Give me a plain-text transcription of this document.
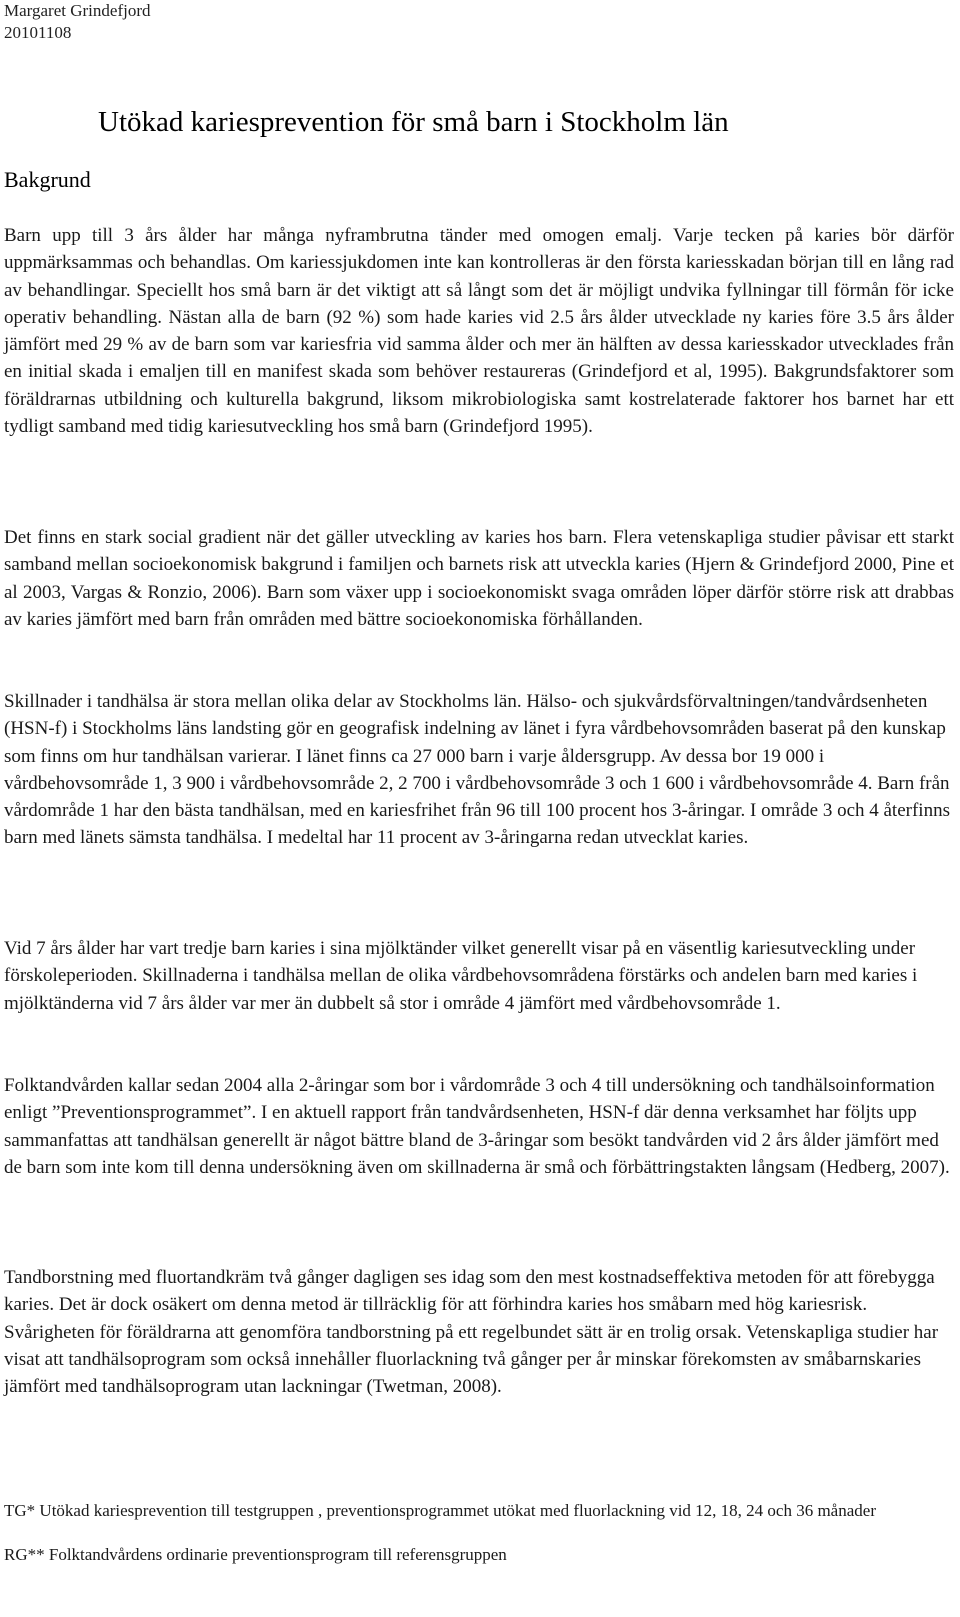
Margaret Grindefjord
20101108
Utökad kariesprevention för små barn i Stockholm län
Bakgrund

Barn upp till 3 års ålder har många nyframbrutna tänder med omogen emalj. Varje tecken på karies bör därför uppmärksammas och behandlas. Om kariessjukdomen inte kan kontrolleras är den första kariesskadan början till en lång rad av behandlingar. Speciellt hos små barn är det viktigt att så långt som det är möjligt undvika fyllningar till förmån för icke operativ behandling. Nästan alla de barn (92 %) som hade karies vid 2.5 års ålder utvecklade ny karies före 3.5 års ålder jämfört med 29 % av de barn som var kariesfria vid samma ålder och mer än hälften av dessa kariesskador utvecklades från en initial skada i emaljen till en manifest skada som behöver restaureras (Grindefjord et al, 1995). Bakgrundsfaktorer som föräldrarnas utbildning och kulturella bakgrund, liksom mikrobiologiska samt kostrelaterade faktorer hos barnet har ett tydligt samband med tidig kariesutveckling hos små barn (Grindefjord 1995).

Det finns en stark social gradient när det gäller utveckling av karies hos barn. Flera vetenskapliga studier påvisar ett starkt samband mellan socioekonomisk bakgrund i familjen och barnets risk att utveckla karies (Hjern & Grindefjord 2000, Pine et al 2003, Vargas & Ronzio, 2006). Barn som växer upp i socioekonomiskt svaga områden löper därför större risk att drabbas av karies jämfört med barn från områden med bättre socioekonomiska förhållanden.

Skillnader i tandhälsa är stora mellan olika delar av Stockholms län. Hälso- och sjukvårdsförvaltningen/tandvårdsenheten (HSN-f) i Stockholms läns landsting gör en geografisk indelning av länet i fyra vårdbehovsområden baserat på den kunskap som finns om hur tandhälsan varierar. I länet finns ca 27 000 barn i varje åldersgrupp. Av dessa bor 19 000 i vårdbehovsområde 1, 3 900 i vårdbehovsområde 2, 2 700 i vårdbehovsområde 3 och 1 600 i vårdbehovsområde 4. Barn från vårdområde 1 har den bästa tandhälsan, med en kariesfrihet från 96 till 100 procent hos 3-åringar. I område 3 och 4 återfinns barn med länets sämsta tandhälsa. I medeltal har 11 procent av 3-åringarna redan utvecklat karies.

Vid 7 års ålder har vart tredje barn karies i sina mjölktänder vilket generellt visar på en väsentlig kariesutveckling under förskoleperioden. Skillnaderna i tandhälsa mellan de olika vårdbehovsområdena förstärks och andelen barn med karies i mjölktänderna vid 7 års ålder var mer än dubbelt så stor i område 4 jämfört med vårdbehovsområde 1.

Folktandvården kallar sedan 2004 alla 2-åringar som bor i vårdområde 3 och 4 till undersökning och tandhälsoinformation enligt ”Preventionsprogrammet”. I en aktuell rapport från tandvårdsenheten, HSN-f där denna verksamhet har följts upp sammanfattas att tandhälsan generellt är något bättre bland de 3-åringar som besökt tandvården vid 2 års ålder jämfört med de barn som inte kom till denna undersökning även om skillnaderna är små och förbättringstakten långsam (Hedberg, 2007).

Tandborstning med fluortandkräm två gånger dagligen ses idag som den mest kostnadseffektiva metoden för att förebygga karies. Det är dock osäkert om denna metod är tillräcklig för att förhindra karies hos småbarn med hög kariesrisk. Svårigheten för föräldrarna att genomföra tandborstning på ett regelbundet sätt är en trolig orsak. Vetenskapliga studier har visat att tandhälsoprogram som också innehåller fluorlackning två gånger per år minskar förekomsten av småbarnskaries jämfört med tandhälsoprogram utan lackningar (Twetman, 2008).

TG* Utökad kariesprevention till testgruppen , preventionsprogrammet utökat med fluorlackning vid 12, 18, 24 och 36 månader

RG** Folktandvårdens ordinarie preventionsprogram till referensgruppen
